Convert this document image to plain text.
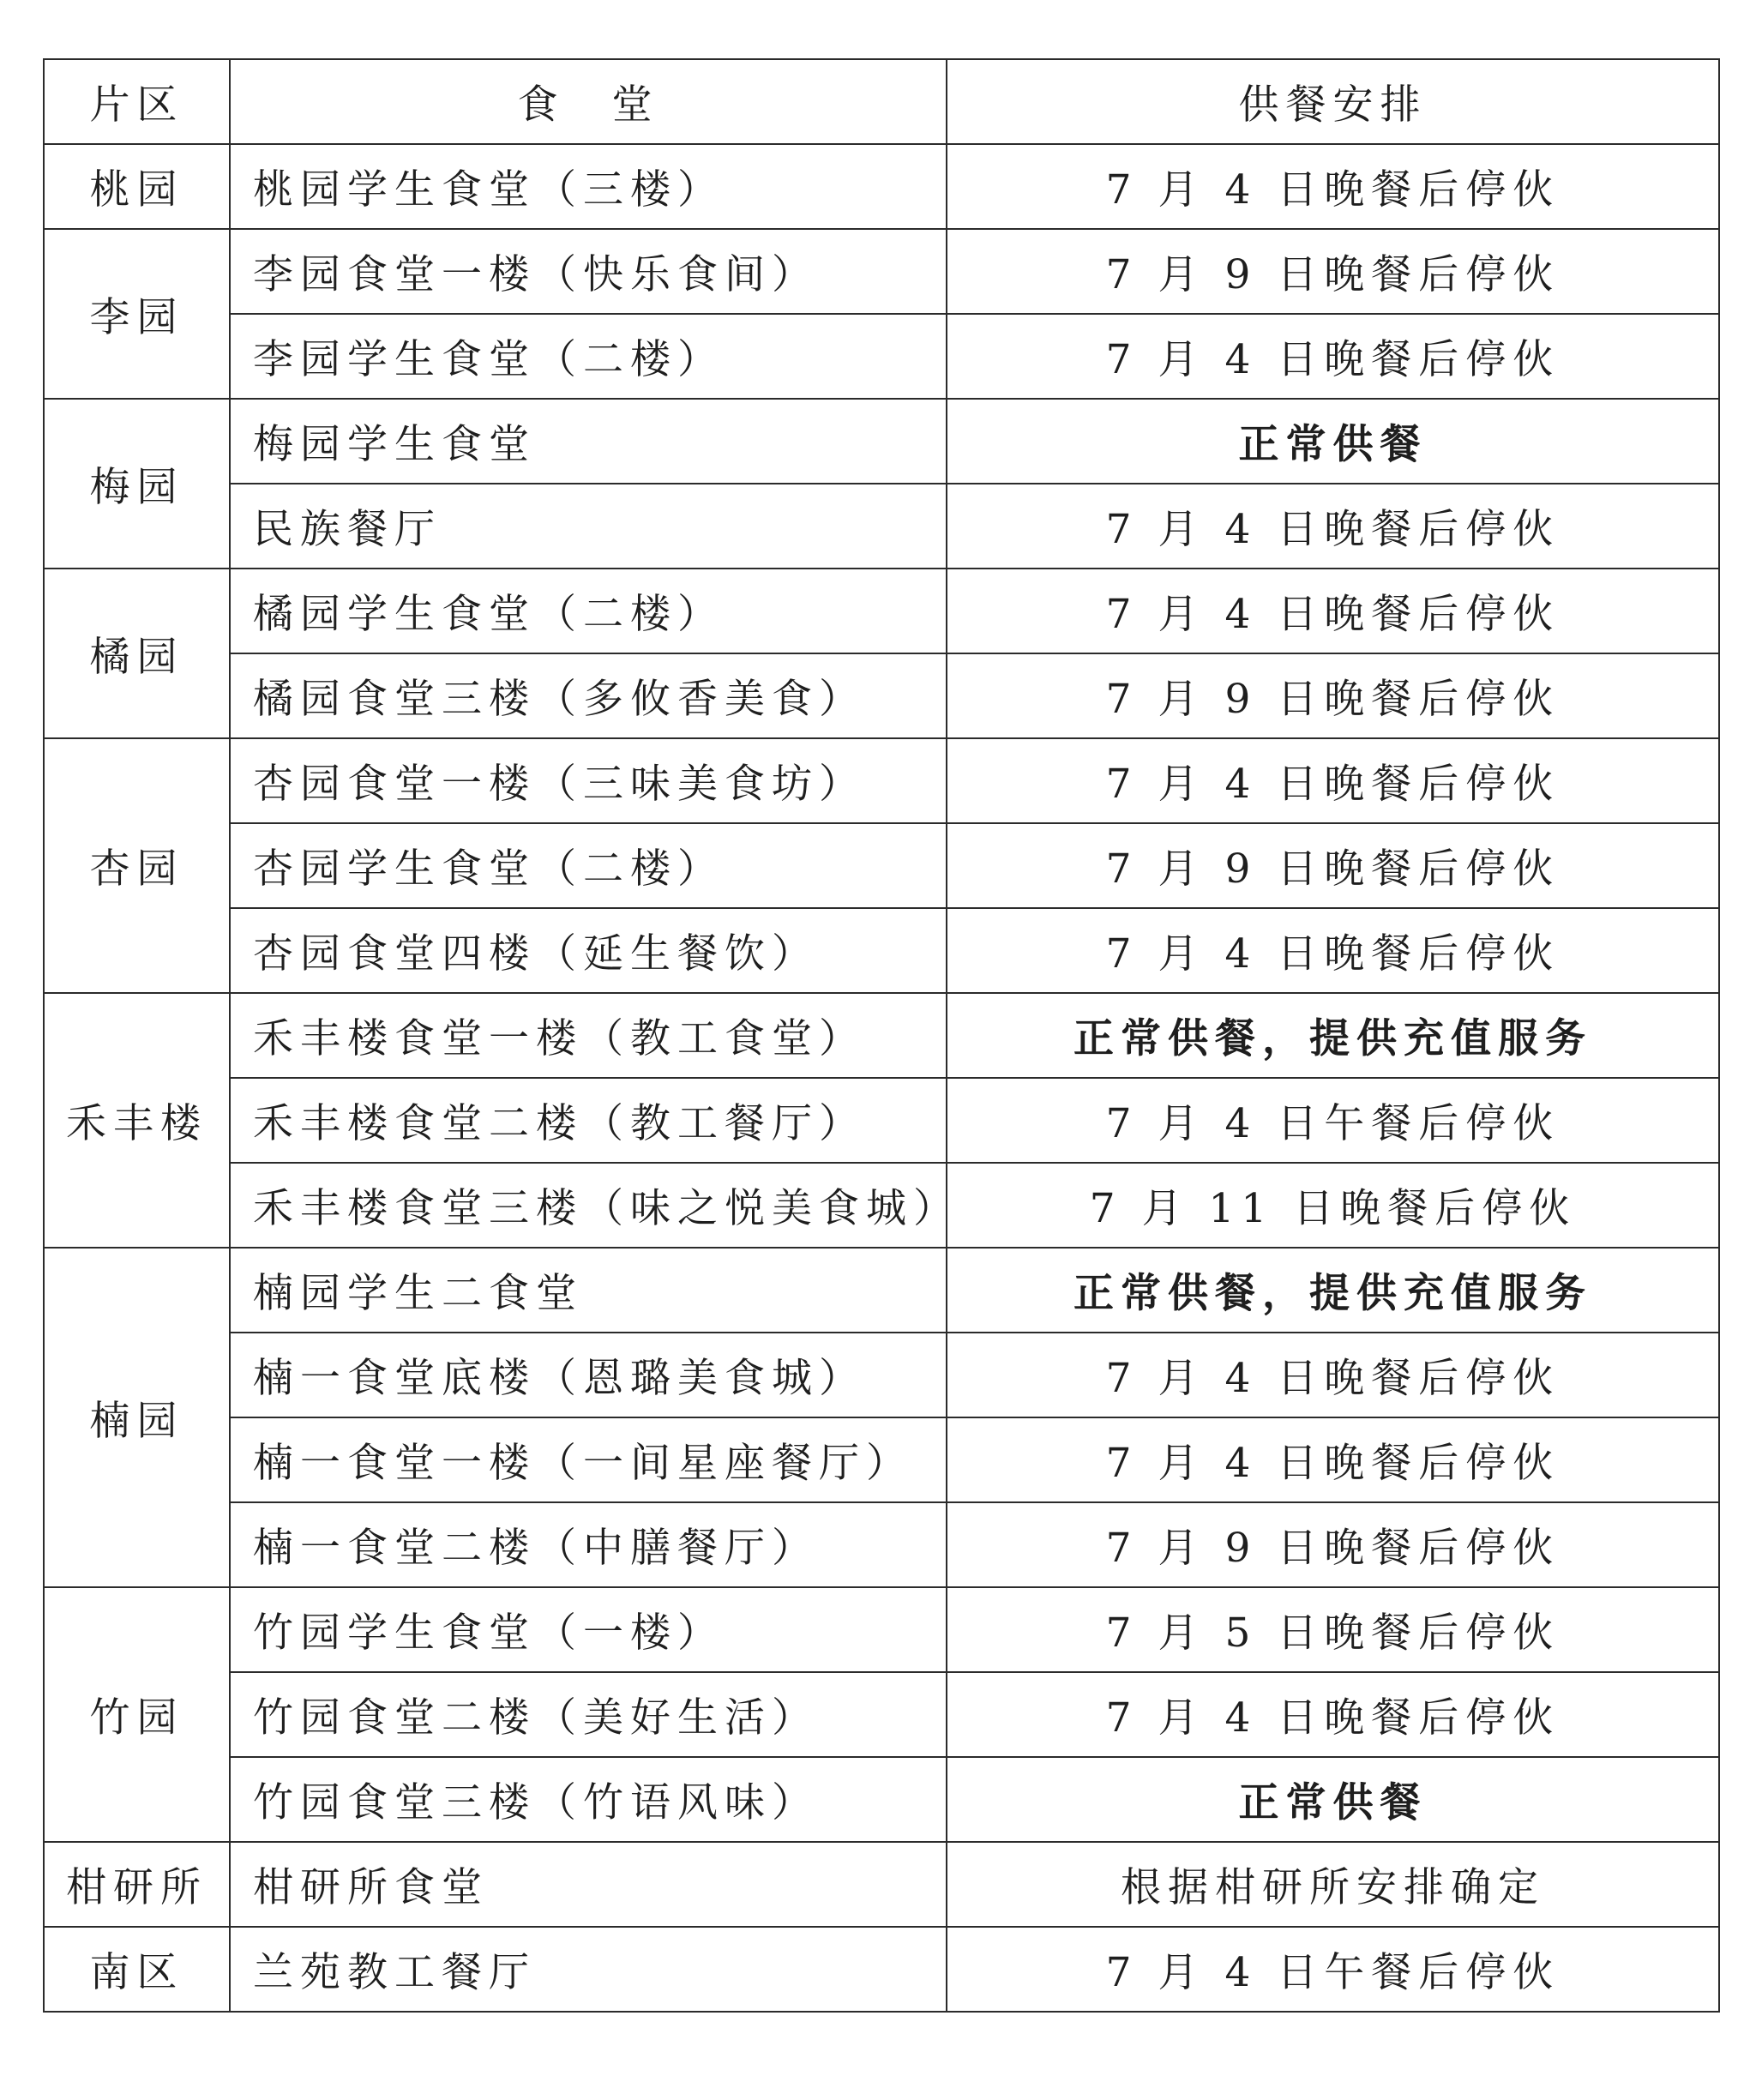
片区	食　堂	供餐安排
桃园	桃园学生食堂（三楼）	7 月 4 日晚餐后停伙
李园	李园食堂一楼（快乐食间）	7 月 9 日晚餐后停伙
	李园学生食堂（二楼）	7 月 4 日晚餐后停伙
梅园	梅园学生食堂	正常供餐
	民族餐厅	7 月 4 日晚餐后停伙
橘园	橘园学生食堂（二楼）	7 月 4 日晚餐后停伙
	橘园食堂三楼（多攸香美食）	7 月 9 日晚餐后停伙
杏园	杏园食堂一楼（三味美食坊）	7 月 4 日晚餐后停伙
	杏园学生食堂（二楼）	7 月 9 日晚餐后停伙
	杏园食堂四楼（延生餐饮）	7 月 4 日晚餐后停伙
禾丰楼	禾丰楼食堂一楼（教工食堂）	正常供餐，提供充值服务
	禾丰楼食堂二楼（教工餐厅）	7 月 4 日午餐后停伙
	禾丰楼食堂三楼（味之悦美食城）	7 月 11 日晚餐后停伙
楠园	楠园学生二食堂	正常供餐，提供充值服务
	楠一食堂底楼（恩璐美食城）	7 月 4 日晚餐后停伙
	楠一食堂一楼（一间星座餐厅）	7 月 4 日晚餐后停伙
	楠一食堂二楼（中膳餐厅）	7 月 9 日晚餐后停伙
竹园	竹园学生食堂（一楼）	7 月 5 日晚餐后停伙
	竹园食堂二楼（美好生活）	7 月 4 日晚餐后停伙
	竹园食堂三楼（竹语风味）	正常供餐
柑研所	柑研所食堂	根据柑研所安排确定
南区	兰苑教工餐厅	7 月 4 日午餐后停伙
